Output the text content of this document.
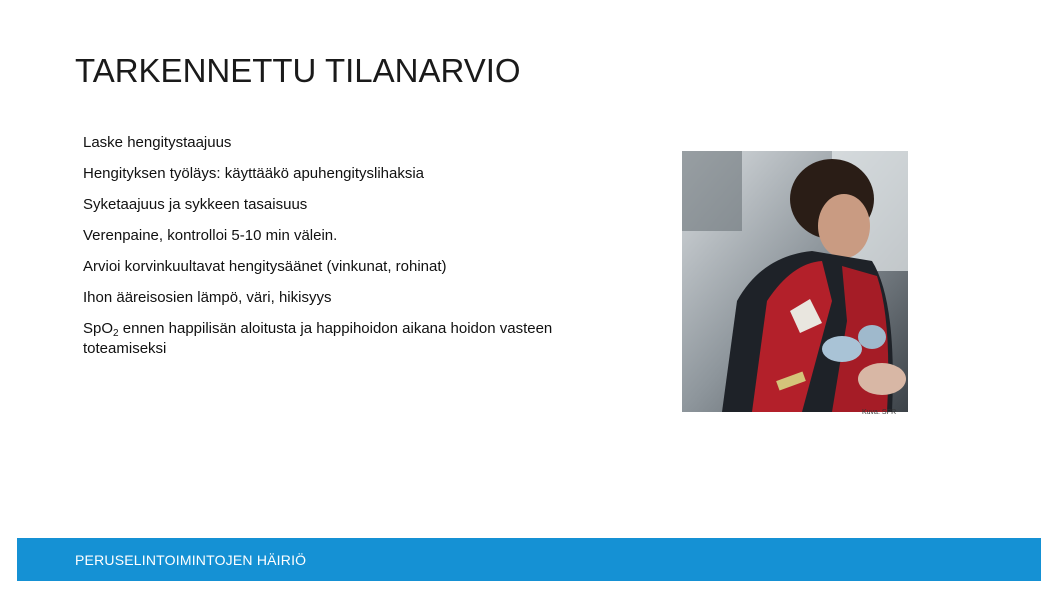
TARKENNETTU TILANARVIO
Laske hengitystaajuus
Hengityksen työläys: käyttääkö apuhengityslihaksia
Syketaajuus ja sykkeen tasaisuus
Verenpaine, kontrolloi 5-10 min välein.
Arvioi korvinkuultavat hengitysäänet (vinkunat, rohinat)
Ihon ääreisosien lämpö, väri, hikisyys
SpO$_2$ ennen happilisän aloitusta ja happihoidon aikana hoidon vasteen toteamiseksi
Kuva: SPR
PERUSELINTOIMINTOJEN HÄIRIÖ
